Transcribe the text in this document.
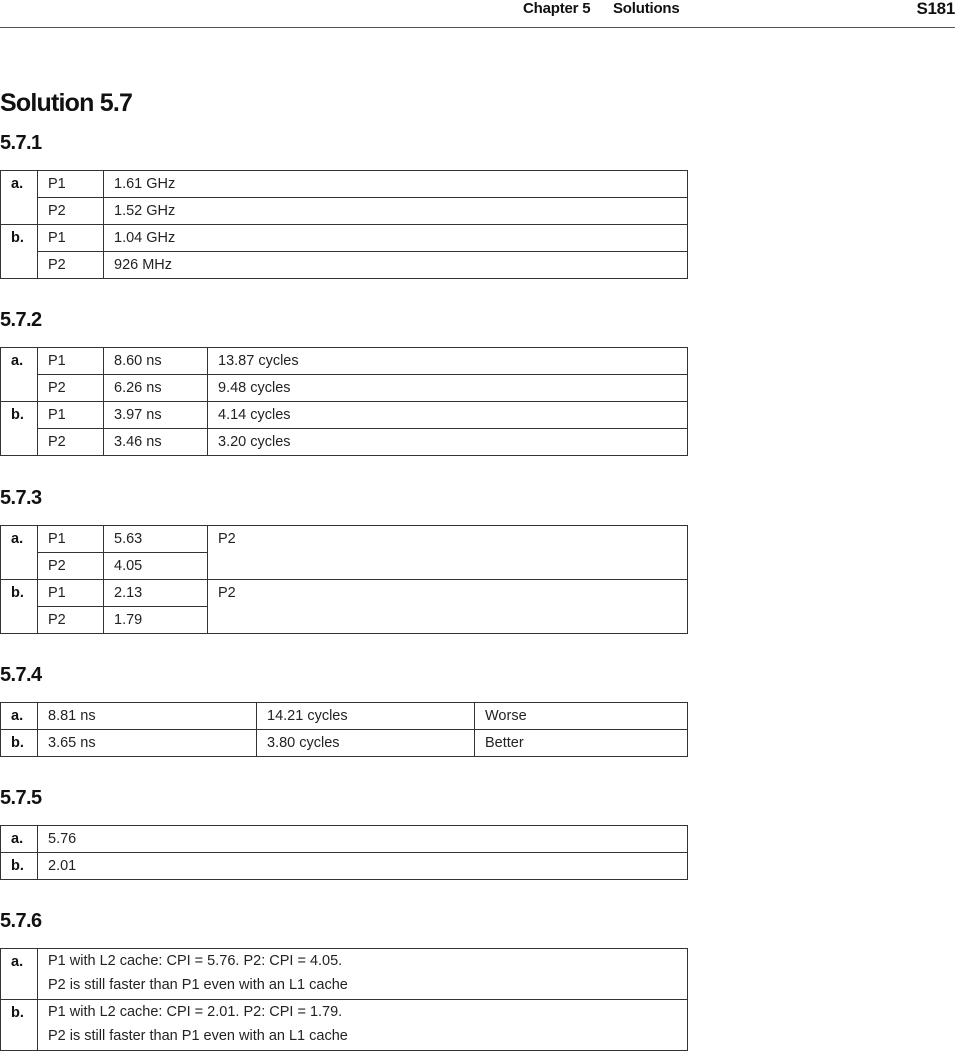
Chapter 5 Solutions	S181
Solution 5.7
5.7.1
a.	P1	1.61 GHz
	P2	1.52 GHz
b.	P1	1.04 GHz
	P2	926 MHz
5.7.2
a.	P1	8.60 ns	13.87 cycles
	P2	6.26 ns	9.48 cycles
b.	P1	3.97 ns	4.14 cycles
	P2	3.46 ns	3.20 cycles
5.7.3
a.	P1	5.63	P2
	P2	4.05	
b.	P1	2.13	P2
	P2	1.79	
5.7.4
a.	8.81 ns	14.21 cycles	Worse
b.	3.65 ns	3.80 cycles	Better
5.7.5
a.	5.76
b.	2.01
5.7.6
a.	P1 with L2 cache: CPI = 5.76. P2: CPI = 4.05.
P2 is still faster than P1 even with an L1 cache

b.	P1 with L2 cache: CPI = 2.01. P2: CPI = 1.79.
P2 is still faster than P1 even with an L1 cache
